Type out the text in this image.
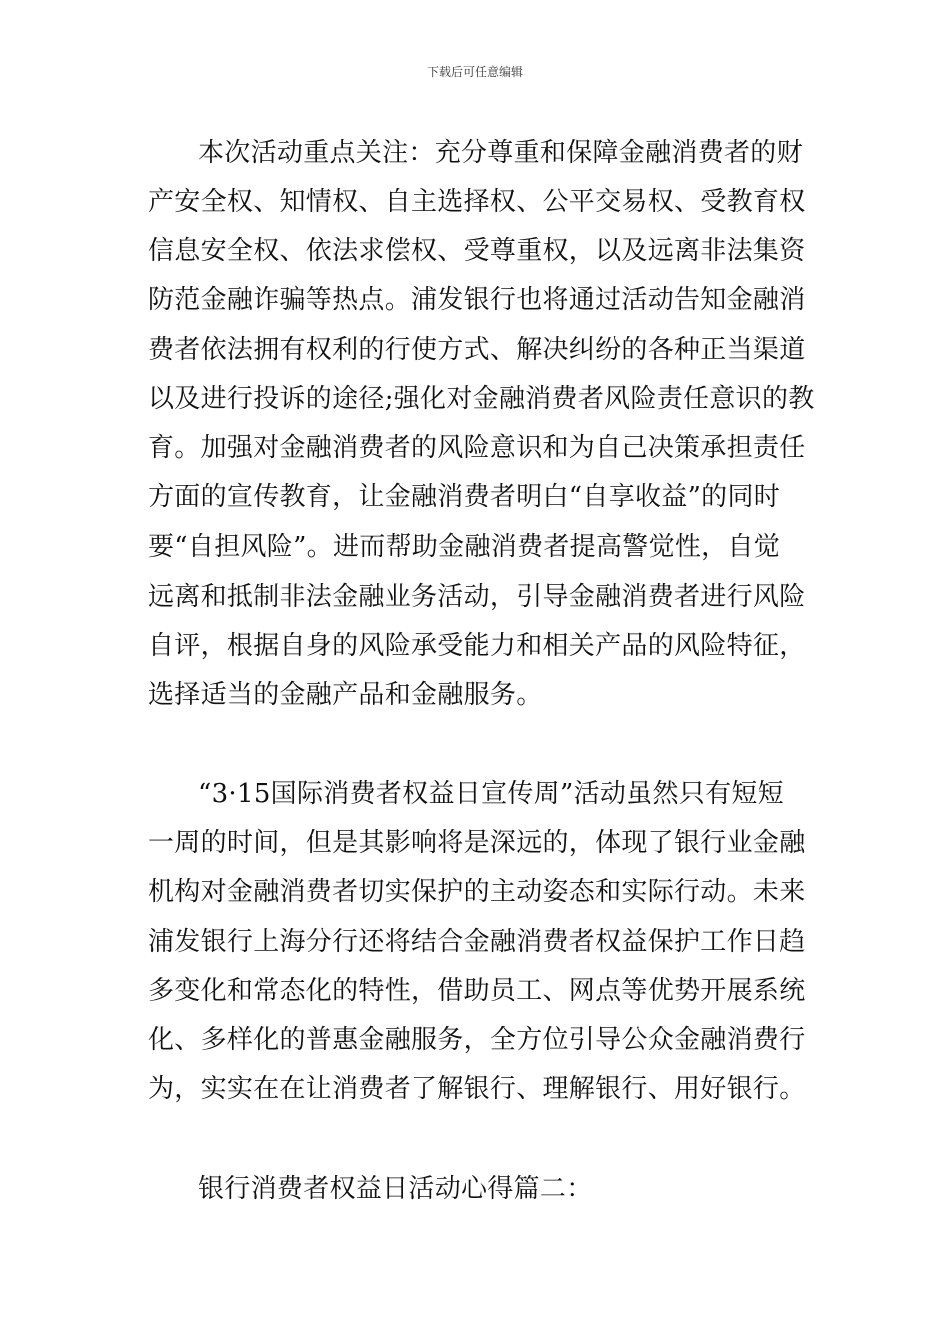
下载后可任意编辑
本次活动重点关注：充分尊重和保障金融消费者的财
产安全权、知情权、自主选择权、公平交易权、受教育权
信息安全权、依法求偿权、受尊重权，以及远离非法集资
防范金融诈骗等热点。浦发银行也将通过活动告知金融消
费者依法拥有权利的行使方式、解决纠纷的各种正当渠道
以及进行投诉的途径;强化对金融消费者风险责任意识的教
育。加强对金融消费者的风险意识和为自己决策承担责任
方面的宣传教育，让金融消费者明白“自享收益”的同时
要“自担风险”。进而帮助金融消费者提高警觉性，自觉
远离和抵制非法金融业务活动，引导金融消费者进行风险
自评，根据自身的风险承受能力和相关产品的风险特征，
选择适当的金融产品和金融服务。
“3·15国际消费者权益日宣传周”活动虽然只有短短
一周的时间，但是其影响将是深远的，体现了银行业金融
机构对金融消费者切实保护的主动姿态和实际行动。未来
浦发银行上海分行还将结合金融消费者权益保护工作日趋
多变化和常态化的特性，借助员工、网点等优势开展系统
化、多样化的普惠金融服务，全方位引导公众金融消费行
为，实实在在让消费者了解银行、理解银行、用好银行。
银行消费者权益日活动心得篇二：
